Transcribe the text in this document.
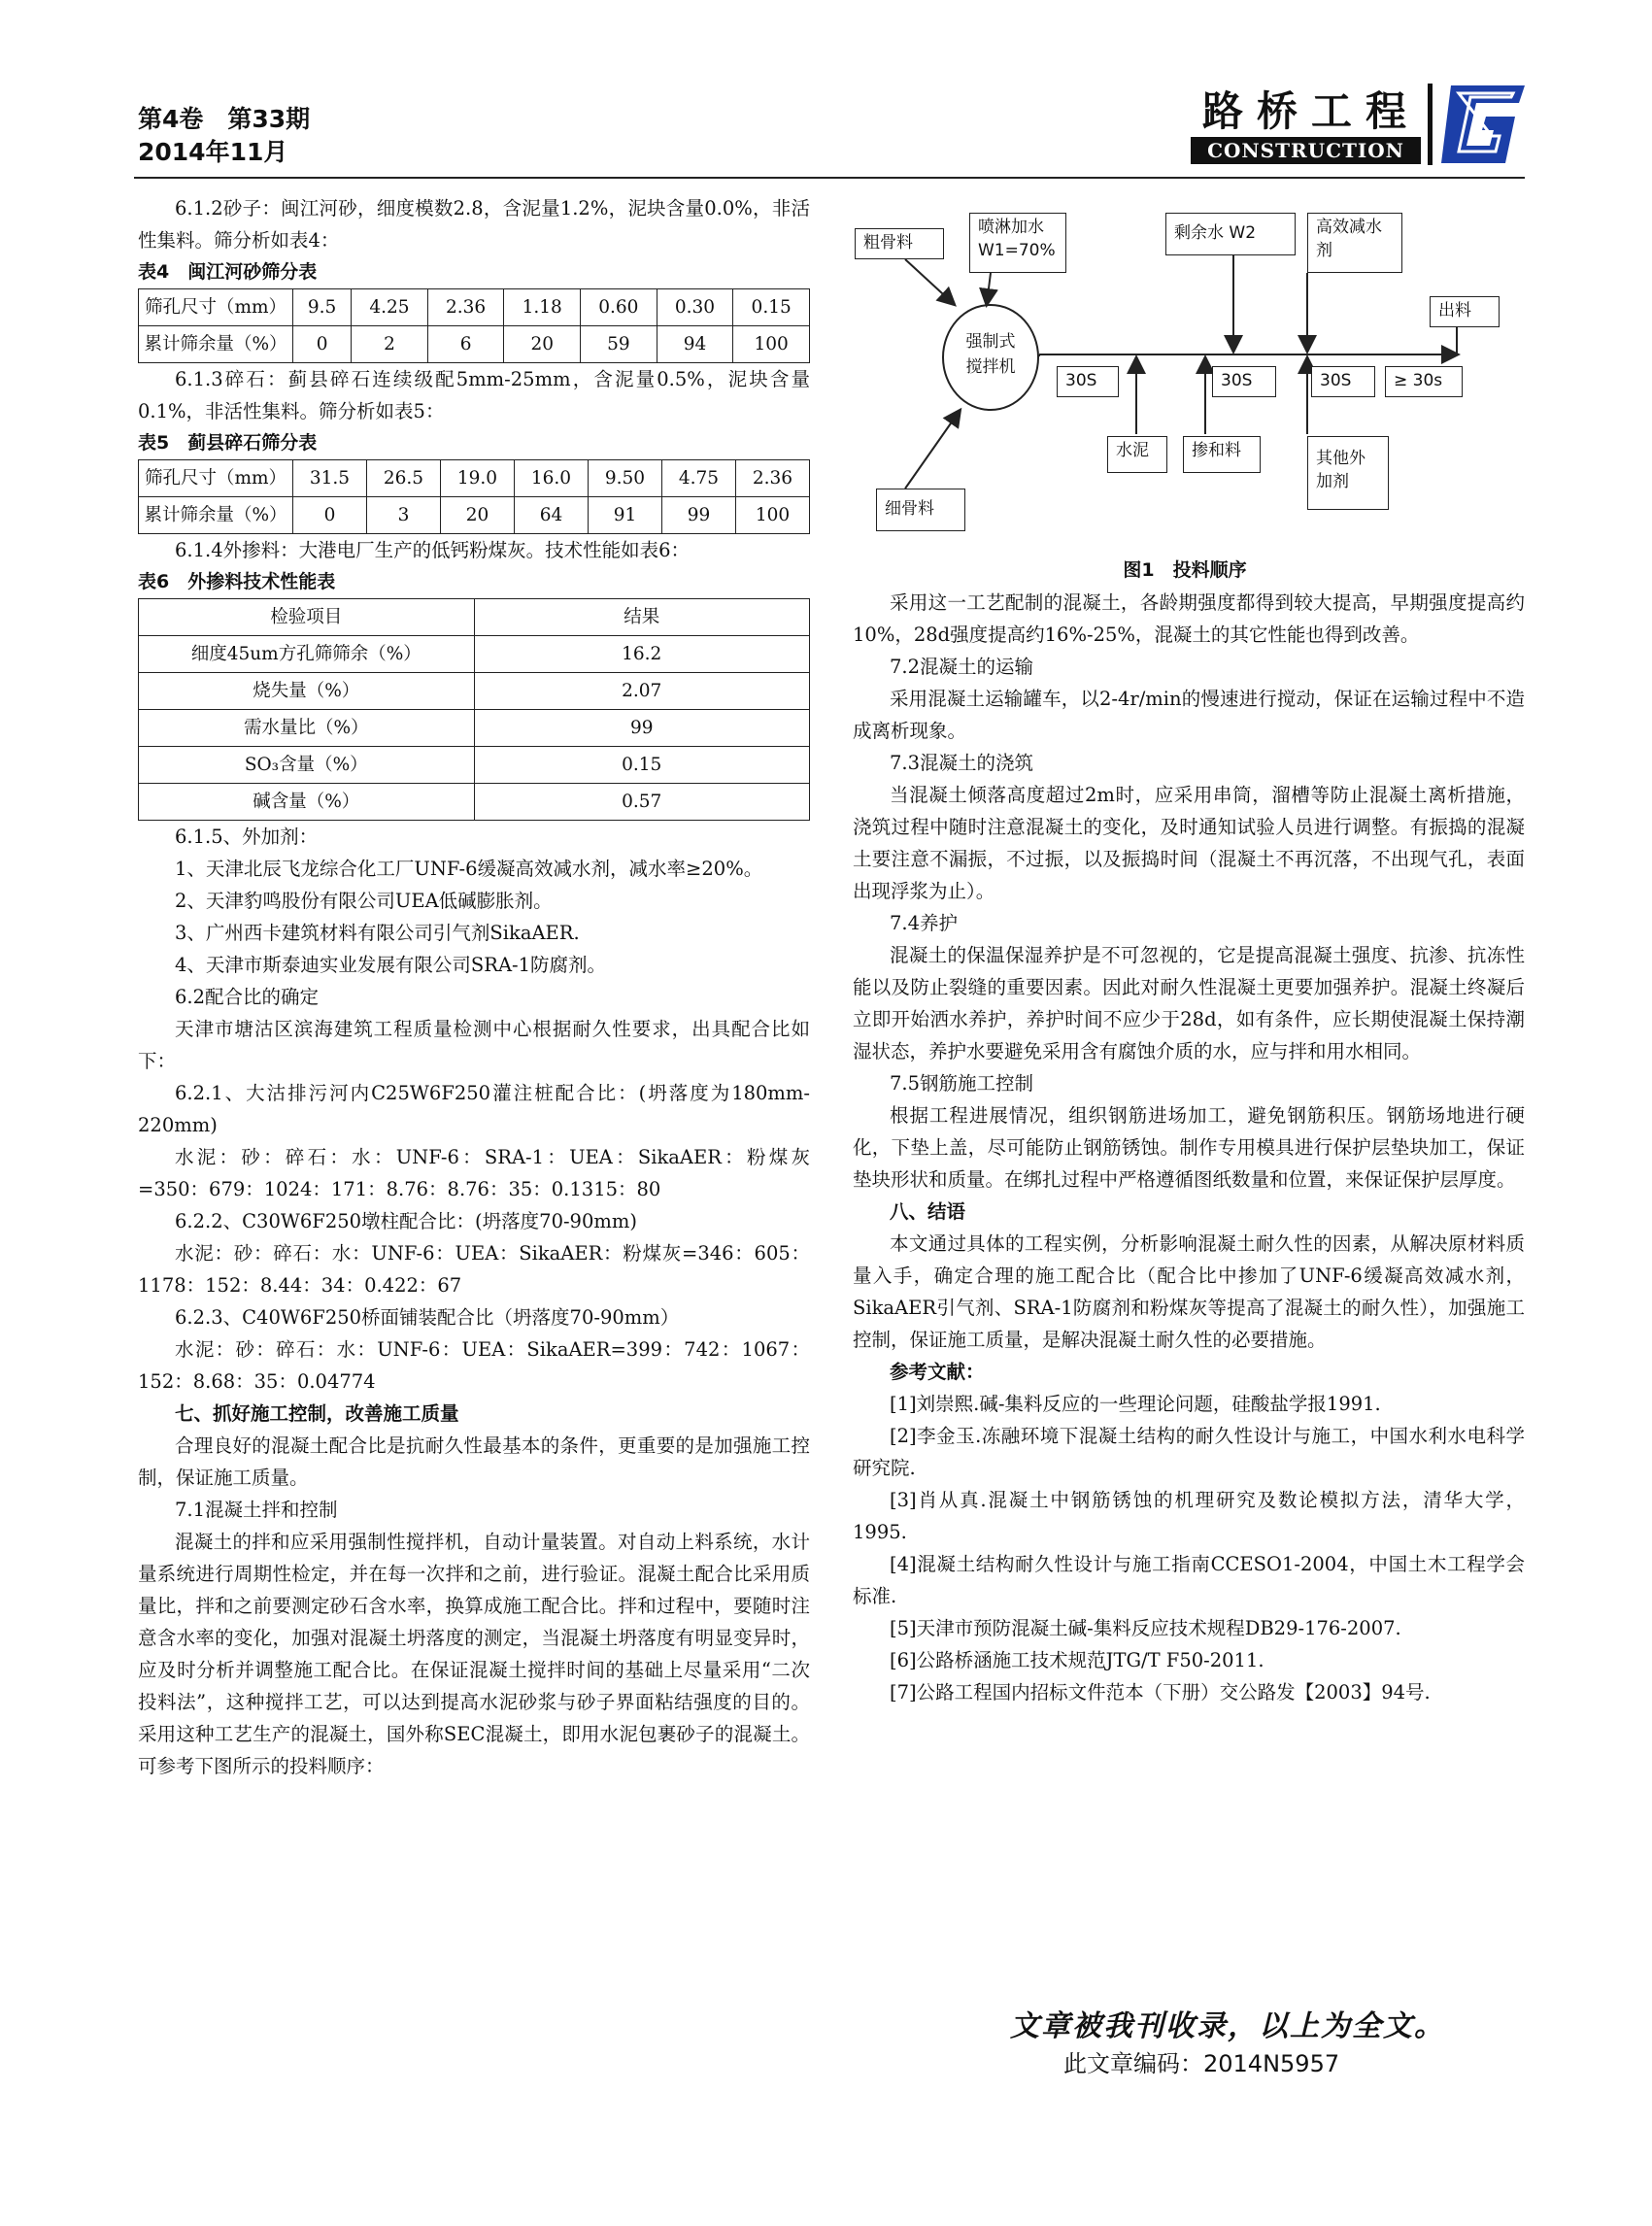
第4卷　第33期
2014年11月
路桥工程
CONSTRUCTION

6.1.2砂子：闽江河砂，细度模数2.8，含泥量1.2%，泥块含量0.0%，非活性集料。筛分析如表4：

表4　闽江河砂筛分表

筛孔尺寸（mm）	9.5	4.25	2.36	1.18	0.60	0.30	0.15
累计筛余量（%）	0	2	6	20	59	94	100

6.1.3碎石：蓟县碎石连续级配5mm-25mm，含泥量0.5%，泥块含量0.1%，非活性集料。筛分析如表5：

表5　蓟县碎石筛分表

筛孔尺寸（mm）	31.5	26.5	19.0	16.0	9.50	4.75	2.36
累计筛余量（%）	0	3	20	64	91	99	100

6.1.4外掺料：大港电厂生产的低钙粉煤灰。技术性能如表6：

表6　外掺料技术性能表

检验项目	结果
细度45um方孔筛筛余（%）	16.2
烧失量（%）	2.07
需水量比（%）	99
SO₃含量（%）	0.15
碱含量（%）	0.57

6.1.5、外加剂：

1、天津北辰飞龙综合化工厂UNF-6缓凝高效减水剂，减水率≥20%。

2、天津豹鸣股份有限公司UEA低碱膨胀剂。

3、广州西卡建筑材料有限公司引气剂SikaAER.

4、天津市斯泰迪实业发展有限公司SRA-1防腐剂。

6.2配合比的确定

天津市塘沽区滨海建筑工程质量检测中心根据耐久性要求，出具配合比如下：

6.2.1、大沽排污河内C25W6F250灌注桩配合比：(坍落度为180mm-220mm)

水泥：砂：碎石：水：UNF-6：SRA-1：UEA：SikaAER：粉煤灰=350：679：1024：171：8.76：8.76：35：0.1315：80

6.2.2、C30W6F250墩柱配合比：(坍落度70-90mm)

水泥：砂：碎石：水：UNF-6：UEA：SikaAER：粉煤灰=346：605：1178：152：8.44：34：0.422：67

6.2.3、C40W6F250桥面铺装配合比（坍落度70-90mm）

水泥：砂：碎石：水：UNF-6：UEA：SikaAER=399：742：1067：152：8.68：35：0.04774

七、抓好施工控制，改善施工质量

合理良好的混凝土配合比是抗耐久性最基本的条件，更重要的是加强施工控制，保证施工质量。

7.1混凝土拌和控制

混凝土的拌和应采用强制性搅拌机，自动计量装置。对自动上料系统，水计量系统进行周期性检定，并在每一次拌和之前，进行验证。混凝土配合比采用质量比，拌和之前要测定砂石含水率，换算成施工配合比。拌和过程中，要随时注意含水率的变化，加强对混凝土坍落度的测定，当混凝土坍落度有明显变异时，应及时分析并调整施工配合比。在保证混凝土搅拌时间的基础上尽量采用“二次投料法”，这种搅拌工艺，可以达到提高水泥砂浆与砂子界面粘结强度的目的。采用这种工艺生产的混凝土，国外称SEC混凝土，即用水泥包裹砂子的混凝土。可参考下图所示的投料顺序：

粗骨料
喷淋加水
W1=70%
剩余水 W2	高效减水
剂
出料
强制式
搅拌机
30S	30S	30S	≥ 30s
水泥	掺和料	其他外
加剂
细骨料
图1　投料顺序

采用这一工艺配制的混凝土，各龄期强度都得到较大提高，早期强度提高约10%，28d强度提高约16%-25%，混凝土的其它性能也得到改善。

7.2混凝土的运输

采用混凝土运输罐车，以2-4r/min的慢速进行搅动，保证在运输过程中不造成离析现象。

7.3混凝土的浇筑

当混凝土倾落高度超过2m时，应采用串筒，溜槽等防止混凝土离析措施，浇筑过程中随时注意混凝土的变化，及时通知试验人员进行调整。有振捣的混凝土要注意不漏振，不过振，以及振捣时间（混凝土不再沉落，不出现气孔，表面出现浮浆为止）。

7.4养护

混凝土的保温保湿养护是不可忽视的，它是提高混凝土强度、抗渗、抗冻性能以及防止裂缝的重要因素。因此对耐久性混凝土更要加强养护。混凝土终凝后立即开始洒水养护，养护时间不应少于28d，如有条件，应长期使混凝土保持潮湿状态，养护水要避免采用含有腐蚀介质的水，应与拌和用水相同。

7.5钢筋施工控制

根据工程进展情况，组织钢筋进场加工，避免钢筋积压。钢筋场地进行硬化，下垫上盖，尽可能防止钢筋锈蚀。制作专用模具进行保护层垫块加工，保证垫块形状和质量。在绑扎过程中严格遵循图纸数量和位置，来保证保护层厚度。

八、结语

本文通过具体的工程实例，分析影响混凝土耐久性的因素，从解决原材料质量入手，确定合理的施工配合比（配合比中掺加了UNF-6缓凝高效减水剂，SikaAER引气剂、SRA-1防腐剂和粉煤灰等提高了混凝土的耐久性），加强施工控制，保证施工质量，是解决混凝土耐久性的必要措施。

参考文献：

[1]刘崇熙.碱-集料反应的一些理论问题，硅酸盐学报1991.

[2]李金玉.冻融环境下混凝土结构的耐久性设计与施工，中国水利水电科学研究院.

[3]肖从真.混凝土中钢筋锈蚀的机理研究及数论模拟方法，清华大学，1995.

[4]混凝土结构耐久性设计与施工指南CCESO1-2004，中国土木工程学会标准.

[5]天津市预防混凝土碱-集料反应技术规程DB29-176-2007.

[6]公路桥涵施工技术规范JTG/T F50-2011.

[7]公路工程国内招标文件范本（下册）交公路发【2003】94号.

文章被我刊收录，以上为全文。
此文章编码：2014N5957
